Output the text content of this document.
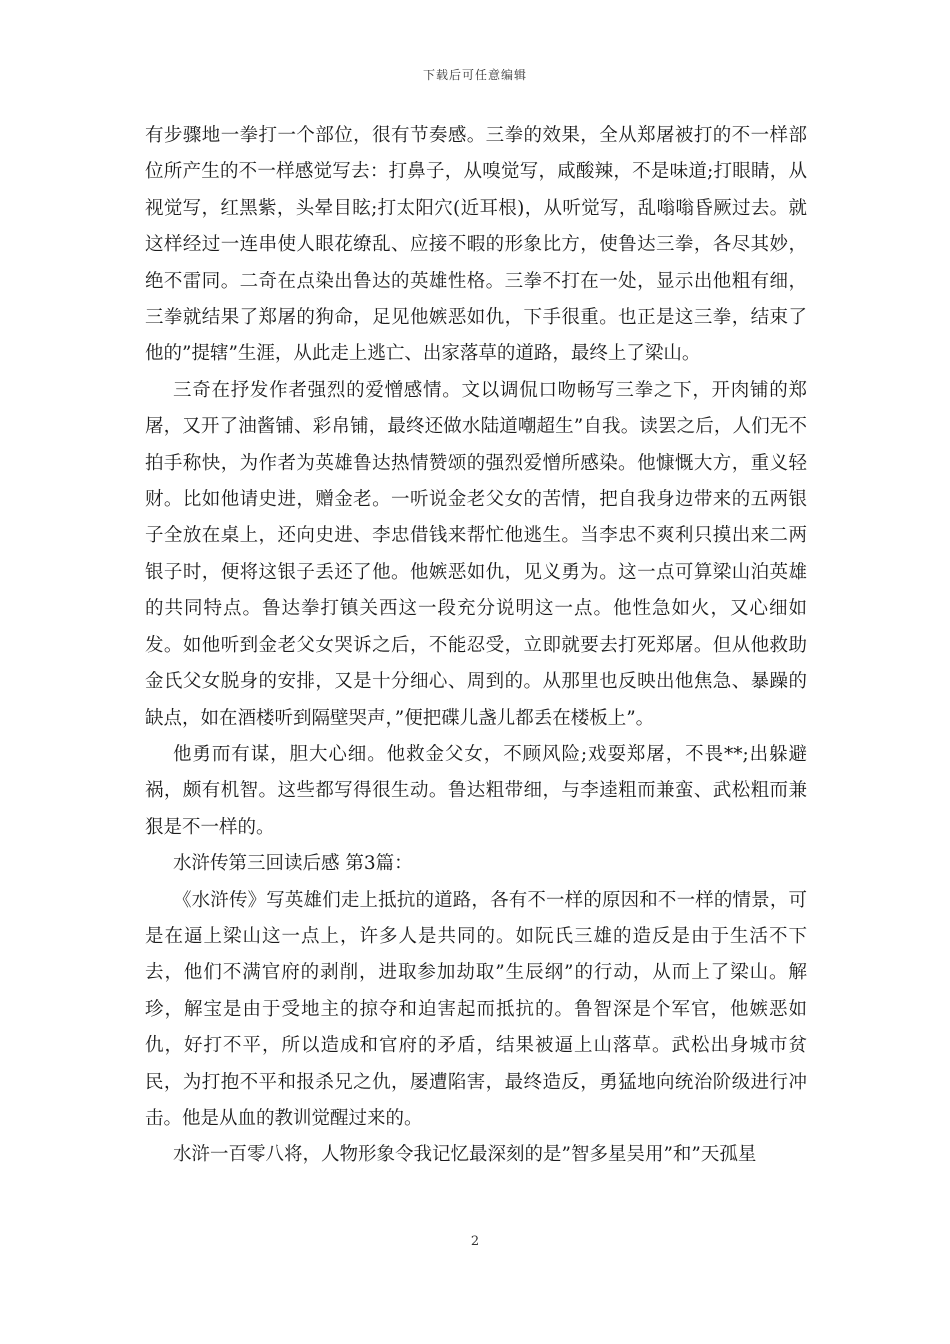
下载后可任意编辑

有步骤地一拳打一个部位，很有节奏感。三拳的效果，全从郑屠被打的不一样部位所产生的不一样感觉写去：打鼻子，从嗅觉写，咸酸辣，不是味道;打眼睛，从视觉写，红黑紫，头晕目眩;打太阳穴(近耳根)，从听觉写，乱嗡嗡昏厥过去。就这样经过一连串使人眼花缭乱、应接不暇的形象比方，使鲁达三拳，各尽其妙，绝不雷同。二奇在点染出鲁达的英雄性格。三拳不打在一处，显示出他粗有细，三拳就结果了郑屠的狗命，足见他嫉恶如仇，下手很重。也正是这三拳，结束了他的”提辖”生涯，从此走上逃亡、出家落草的道路，最终上了梁山。

三奇在抒发作者强烈的爱憎感情。文以调侃口吻畅写三拳之下，开肉铺的郑屠，又开了油酱铺、彩帛铺，最终还做水陆道嘲超生”自我。读罢之后，人们无不拍手称快，为作者为英雄鲁达热情赞颂的强烈爱憎所感染。他慷慨大方，重义轻财。比如他请史进，赠金老。一听说金老父女的苦情，把自我身边带来的五两银子全放在桌上，还向史进、李忠借钱来帮忙他逃生。当李忠不爽利只摸出来二两银子时，便将这银子丢还了他。他嫉恶如仇，见义勇为。这一点可算梁山泊英雄的共同特点。鲁达拳打镇关西这一段充分说明这一点。他性急如火，又心细如发。如他听到金老父女哭诉之后，不能忍受，立即就要去打死郑屠。但从他救助金氏父女脱身的安排，又是十分细心、周到的。从那里也反映出他焦急、暴躁的缺点，如在酒楼听到隔壁哭声，”便把碟儿盏儿都丢在楼板上”。

他勇而有谋，胆大心细。他救金父女，不顾风险;戏耍郑屠，不畏**;出躲避祸，颇有机智。这些都写得很生动。鲁达粗带细，与李逵粗而兼蛮、武松粗而兼狠是不一样的。

水浒传第三回读后感 第3篇：

《水浒传》写英雄们走上抵抗的道路，各有不一样的原因和不一样的情景，可是在逼上梁山这一点上，许多人是共同的。如阮氏三雄的造反是由于生活不下去，他们不满官府的剥削，进取参加劫取”生辰纲”的行动，从而上了梁山。解珍，解宝是由于受地主的掠夺和迫害起而抵抗的。鲁智深是个军官，他嫉恶如仇，好打不平，所以造成和官府的矛盾，结果被逼上山落草。武松出身城市贫民，为打抱不平和报杀兄之仇，屡遭陷害，最终造反，勇猛地向统治阶级进行冲击。他是从血的教训觉醒过来的。

水浒一百零八将，人物形象令我记忆最深刻的是”智多星吴用”和”天孤星

2
